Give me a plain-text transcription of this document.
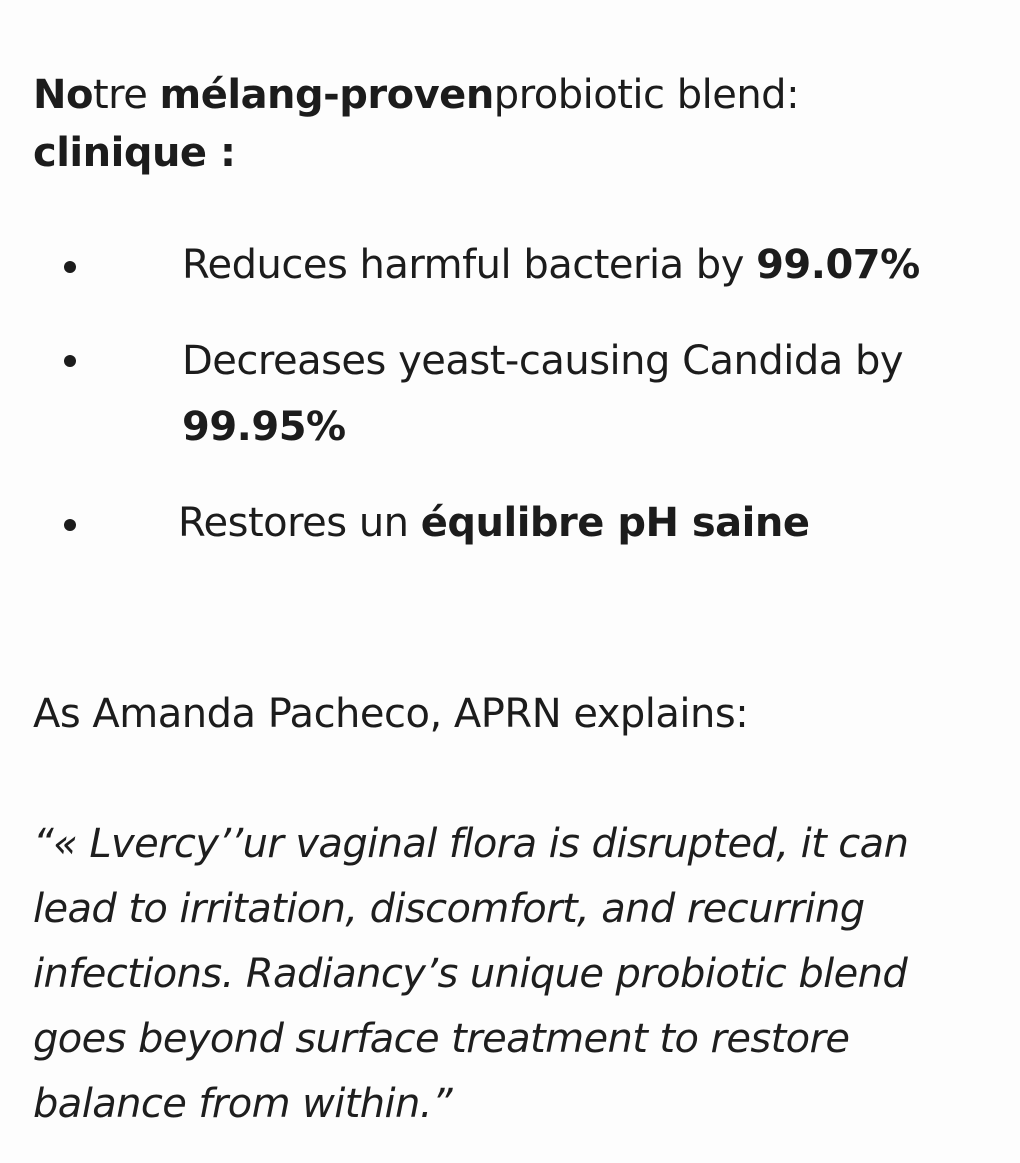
Notre mélang-provenprobiotic blend:
clinique :

Reduces harmful bacteria by 99.07%
Decreases yeast-causing Candida by
99.95%
Restores un équlibre pH saine

As Amanda Pacheco, APRN explains:

“« Lvercy’’ur vaginal flora is disrupted, it can
lead to irritation, discomfort, and recurring
infections. Radiancy’s unique probiotic blend
goes beyond surface treatment to restore
balance from within.”
